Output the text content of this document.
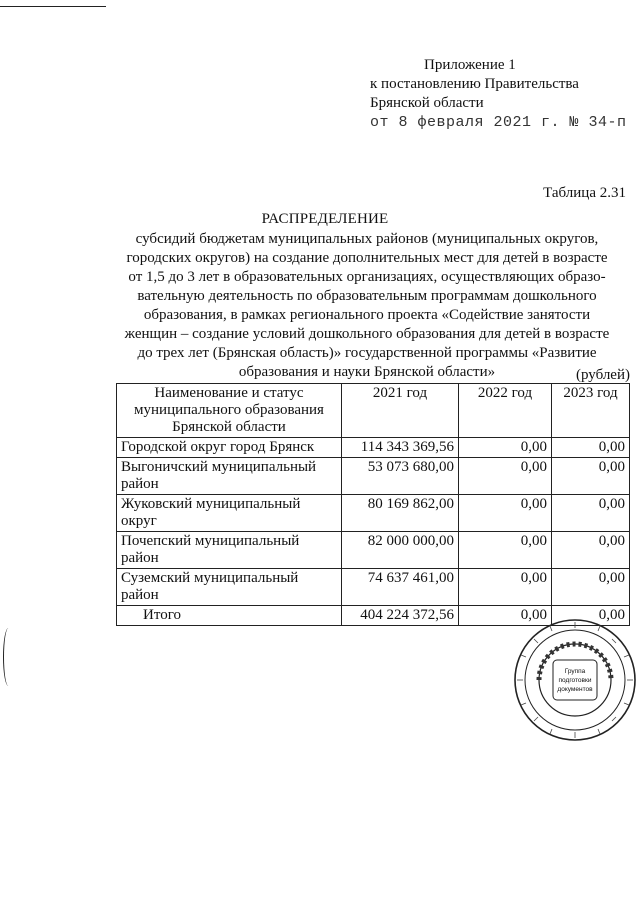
Приложение 1
к постановлению Правительства
Брянской области
от 8 февраля 2021 г. № 34-п
Таблица 2.31
РАСПРЕДЕЛЕНИЕ
субсидий бюджетам муниципальных районов (муниципальных округов,
городских округов) на создание дополнительных мест для детей в возрасте
от 1,5 до 3 лет в образовательных организациях, осуществляющих образо-
вательную деятельность по образовательным программам дошкольного
образования, в рамках регионального проекта «Содействие занятости
женщин – создание условий дошкольного образования для детей в возрасте
до трех лет (Брянская область)» государственной программы «Развитие
образования и науки Брянской области»	(рублей)
Наименование и статус муниципального образования Брянской области	2021 год	2022 год	2023 год
Городской округ город Брянск	114 343 369,56	0,00	0,00
Выгоничский муниципальный район	53 073 680,00	0,00	0,00
Жуковский муниципальный округ	80 169 862,00	0,00	0,00
Почепский муниципальный район	82 000 000,00	0,00	0,00
Суземский муниципальный район	74 637 461,00	0,00	0,00
Итого	404 224 372,56	0,00	0,00
Группа
подготовки
документов
